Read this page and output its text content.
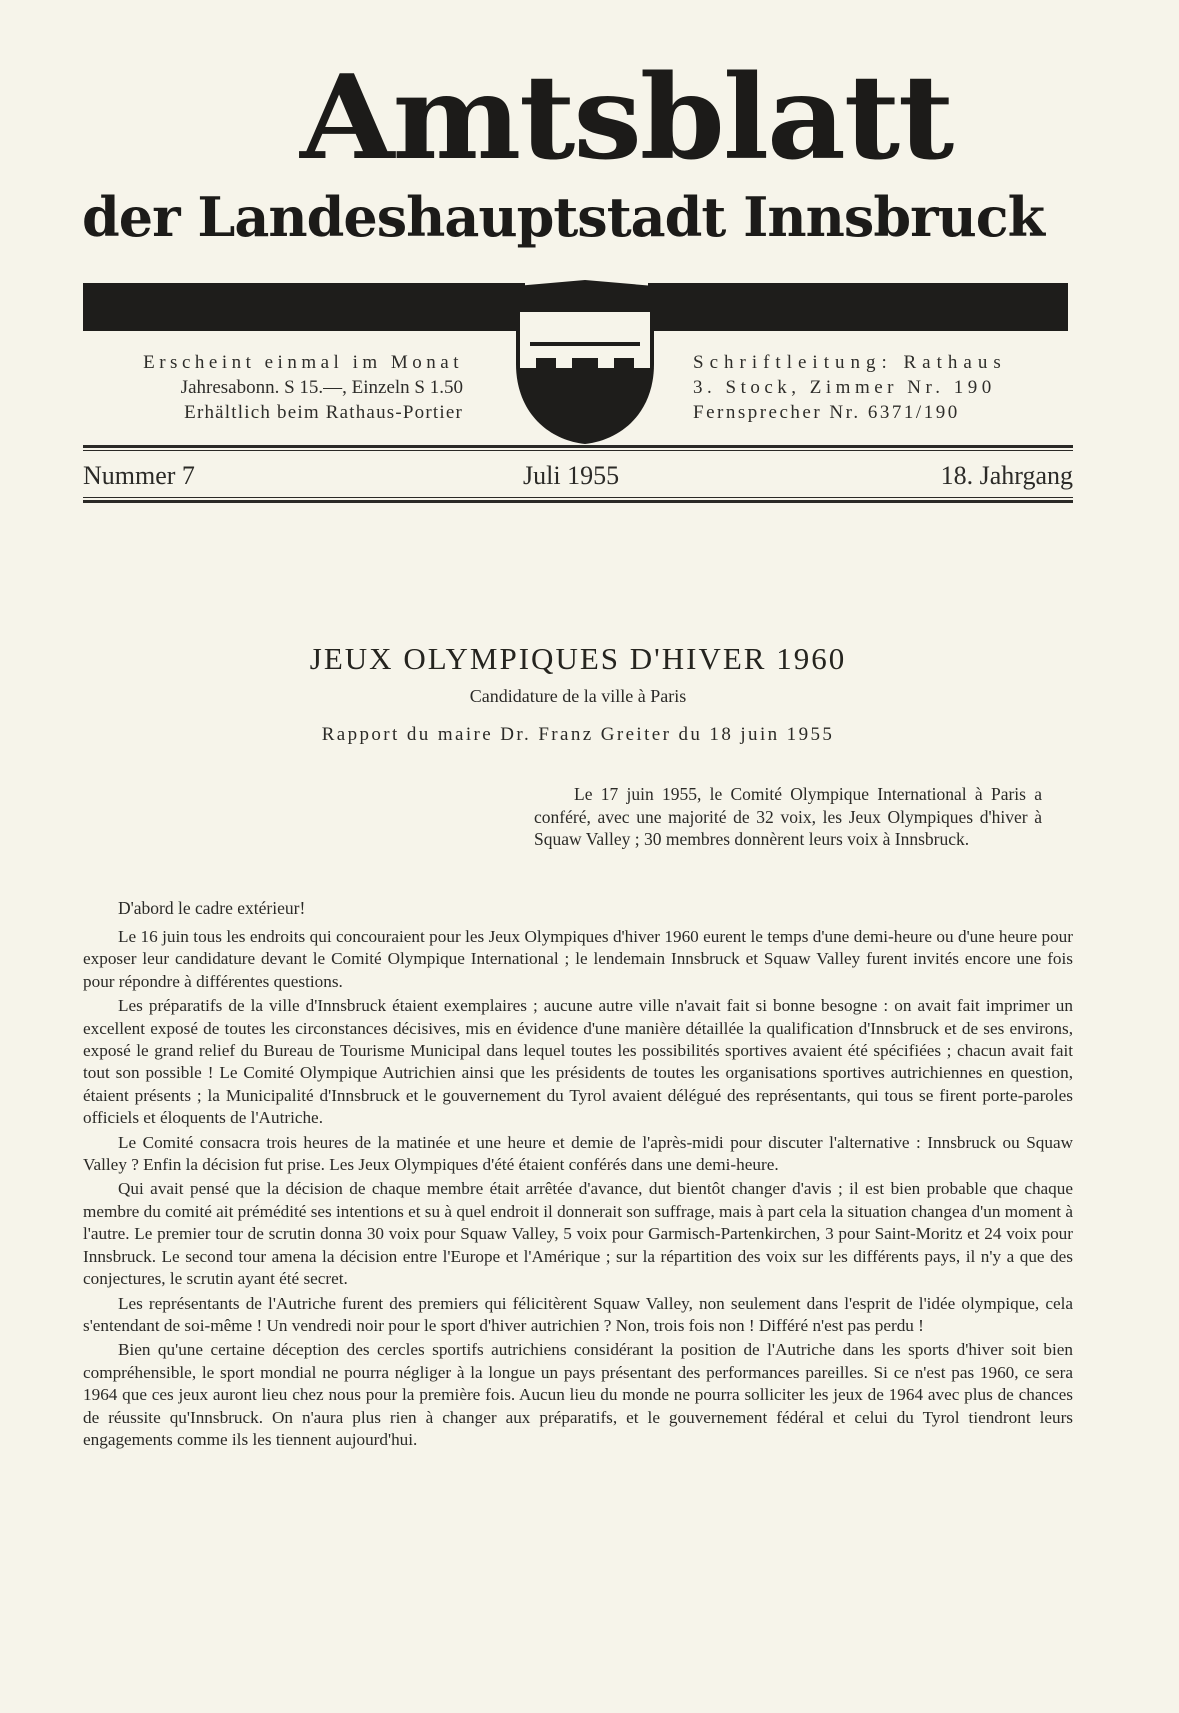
Amtsblatt
der Landeshauptstadt Innsbruck
Erscheint einmal im Monat
Jahresabonn. S 15.—, Einzeln S 1.50
Erhältlich beim Rathaus-Portier
Schriftleitung: Rathaus
3. Stock, Zimmer Nr. 190
Fernsprecher Nr. 6371/190
Nummer 7	Juli 1955	18. Jahrgang
JEUX OLYMPIQUES D'HIVER 1960
Candidature de la ville à Paris
Rapport du maire Dr. Franz Greiter du 18 juin 1955
Le 17 juin 1955, le Comité Olympique International à Paris a conféré, avec une majorité de 32 voix, les Jeux Olympiques d'hiver à Squaw Valley ; 30 membres donnèrent leurs voix à Innsbruck.
D'abord le cadre extérieur!

Le 16 juin tous les endroits qui concouraient pour les Jeux Olympiques d'hiver 1960 eurent le temps d'une demi-heure ou d'une heure pour exposer leur candidature devant le Comité Olympique International ; le lendemain Innsbruck et Squaw Valley furent invités encore une fois pour répondre à différentes questions.

Les préparatifs de la ville d'Innsbruck étaient exemplaires ; aucune autre ville n'avait fait si bonne besogne : on avait fait imprimer un excellent exposé de toutes les circonstances décisives, mis en évidence d'une manière détaillée la qualification d'Innsbruck et de ses environs, exposé le grand relief du Bureau de Tourisme Municipal dans lequel toutes les possibilités sportives avaient été spécifiées ; chacun avait fait tout son possible ! Le Comité Olympique Autrichien ainsi que les présidents de toutes les organisations sportives autrichiennes en question, étaient présents ; la Municipalité d'Innsbruck et le gouvernement du Tyrol avaient délégué des représentants, qui tous se firent porte-paroles officiels et éloquents de l'Autriche.

Le Comité consacra trois heures de la matinée et une heure et demie de l'après-midi pour discuter l'alternative : Innsbruck ou Squaw Valley ? Enfin la décision fut prise. Les Jeux Olympiques d'été étaient conférés dans une demi-heure.

Qui avait pensé que la décision de chaque membre était arrêtée d'avance, dut bientôt changer d'avis ; il est bien probable que chaque membre du comité ait prémédité ses intentions et su à quel endroit il donnerait son suffrage, mais à part cela la situation changea d'un moment à l'autre. Le premier tour de scrutin donna 30 voix pour Squaw Valley, 5 voix pour Garmisch-Partenkirchen, 3 pour Saint-Moritz et 24 voix pour Innsbruck. Le second tour amena la décision entre l'Europe et l'Amérique ; sur la répartition des voix sur les différents pays, il n'y a que des conjectures, le scrutin ayant été secret.

Les représentants de l'Autriche furent des premiers qui félicitèrent Squaw Valley, non seulement dans l'esprit de l'idée olympique, cela s'entendant de soi-même ! Un vendredi noir pour le sport d'hiver autrichien ? Non, trois fois non ! Différé n'est pas perdu !

Bien qu'une certaine déception des cercles sportifs autrichiens considérant la position de l'Autriche dans les sports d'hiver soit bien compréhensible, le sport mondial ne pourra négliger à la longue un pays présentant des performances pareilles. Si ce n'est pas 1960, ce sera 1964 que ces jeux auront lieu chez nous pour la première fois. Aucun lieu du monde ne pourra solliciter les jeux de 1964 avec plus de chances de réussite qu'Innsbruck. On n'aura plus rien à changer aux préparatifs, et le gouvernement fédéral et celui du Tyrol tiendront leurs engagements comme ils les tiennent aujourd'hui.
